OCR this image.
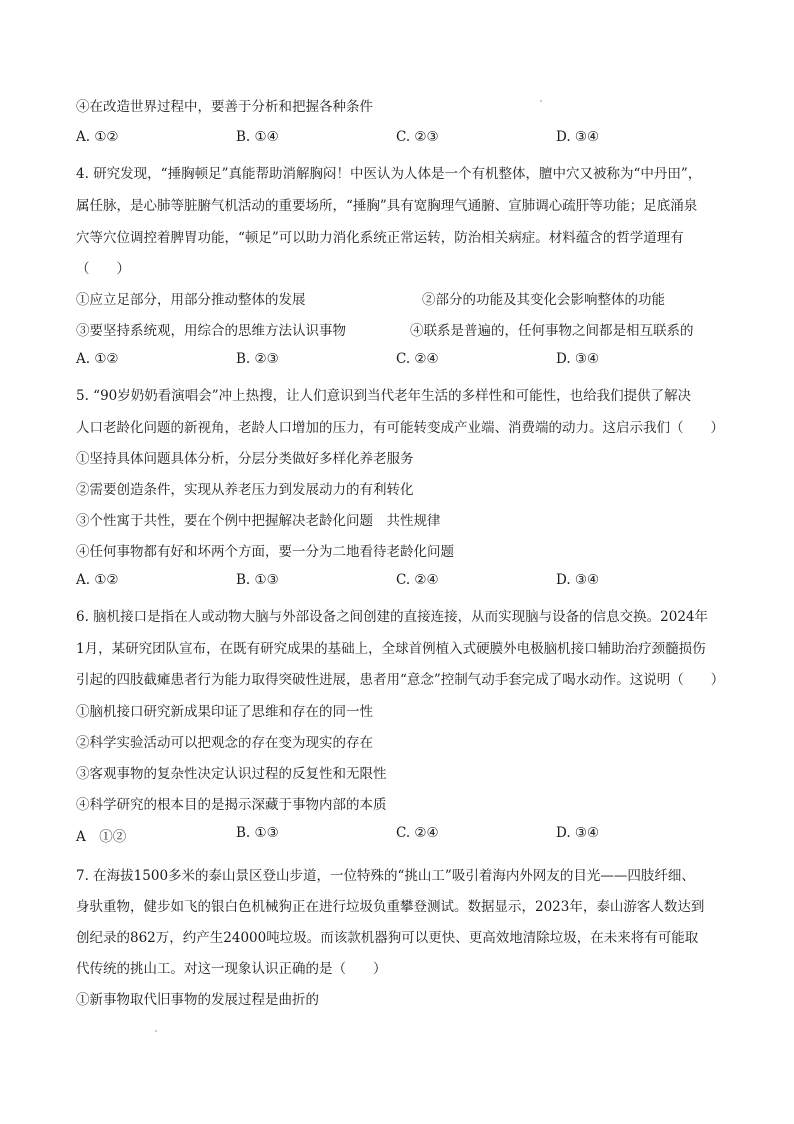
④在改造世界过程中，要善于分析和把握各种条件
A. ①②	B. ①④	C. ②③	D. ③④
4. 研究发现，“捶胸顿足”真能帮助消解胸闷！中医认为人体是一个有机整体，膻中穴又被称为“中丹田”，
属任脉，是心肺等脏腑气机活动的重要场所，“捶胸”具有宽胸理气通腑、宣肺调心疏肝等功能；足底涌泉
穴等穴位调控着脾胃功能，“顿足”可以助力消化系统正常运转，防治相关病症。材料蕴含的哲学道理有
（　　）
①应立足部分，用部分推动整体的发展	②部分的功能及其变化会影响整体的功能
③要坚持系统观，用综合的思维方法认识事物	④联系是普遍的，任何事物之间都是相互联系的
A. ①②	B. ②③	C. ②④	D. ③④
5. “90岁奶奶看演唱会”冲上热搜，让人们意识到当代老年生活的多样性和可能性，也给我们提供了解决
人口老龄化问题的新视角，老龄人口增加的压力，有可能转变成产业端、消费端的动力。这启示我们（　　）
①坚持具体问题具体分析，分层分类做好多样化养老服务
②需要创造条件，实现从养老压力到发展动力的有利转化
③个性寓于共性，要在个例中把握解决老龄化问题　共性规律
④任何事物都有好和坏两个方面，要一分为二地看待老龄化问题
A. ①②	B. ①③	C. ②④	D. ③④
6. 脑机接口是指在人或动物大脑与外部设备之间创建的直接连接，从而实现脑与设备的信息交换。2024年
1月，某研究团队宣布，在既有研究成果的基础上，全球首例植入式硬膜外电极脑机接口辅助治疗颈髓损伤
引起的四肢截瘫患者行为能力取得突破性进展，患者用“意念”控制气动手套完成了喝水动作。这说明（　　）
①脑机接口研究新成果印证了思维和存在的同一性
②科学实验活动可以把观念的存在变为现实的存在
③客观事物的复杂性决定认识过程的反复性和无限性
④科学研究的根本目的是揭示深藏于事物内部的本质
A　①②	B. ①③	C. ②④	D. ③④
7. 在海拔1500多米的泰山景区登山步道，一位特殊的“挑山工”吸引着海内外网友的目光——四肢纤细、
身驮重物，健步如飞的银白色机械狗正在进行垃圾负重攀登测试。数据显示，2023年，泰山游客人数达到
创纪录的862万，约产生24000吨垃圾。而该款机器狗可以更快、更高效地清除垃圾，在未来将有可能取
代传统的挑山工。对这一现象认识正确的是（　　）
①新事物取代旧事物的发展过程是曲折的
